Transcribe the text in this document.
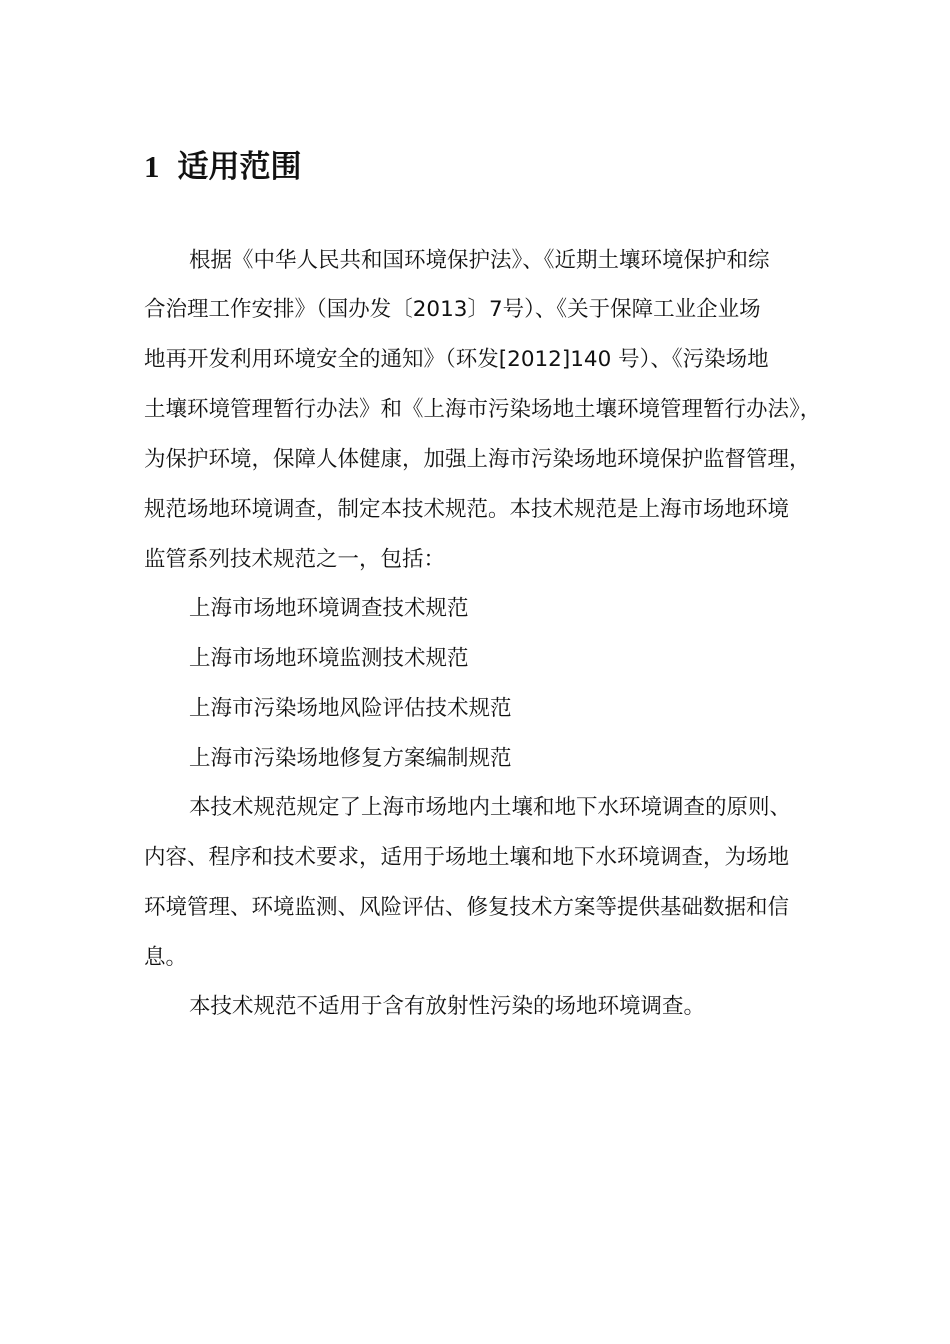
1 适用范围
根据《中华人民共和国环境保护法》、《近期土壤环境保护和综
合治理工作安排》（国办发〔2013〕7号）、《关于保障工业企业场
地再开发利用环境安全的通知》（环发[2012]140 号）、《污染场地
土壤环境管理暂行办法》和《上海市污染场地土壤环境管理暂行办法》，
为保护环境，保障人体健康，加强上海市污染场地环境保护监督管理，
规范场地环境调查，制定本技术规范。本技术规范是上海市场地环境
监管系列技术规范之一，包括：
上海市场地环境调查技术规范
上海市场地环境监测技术规范
上海市污染场地风险评估技术规范
上海市污染场地修复方案编制规范
本技术规范规定了上海市场地内土壤和地下水环境调查的原则、
内容、程序和技术要求，适用于场地土壤和地下水环境调查，为场地
环境管理、环境监测、风险评估、修复技术方案等提供基础数据和信
息。
本技术规范不适用于含有放射性污染的场地环境调查。
